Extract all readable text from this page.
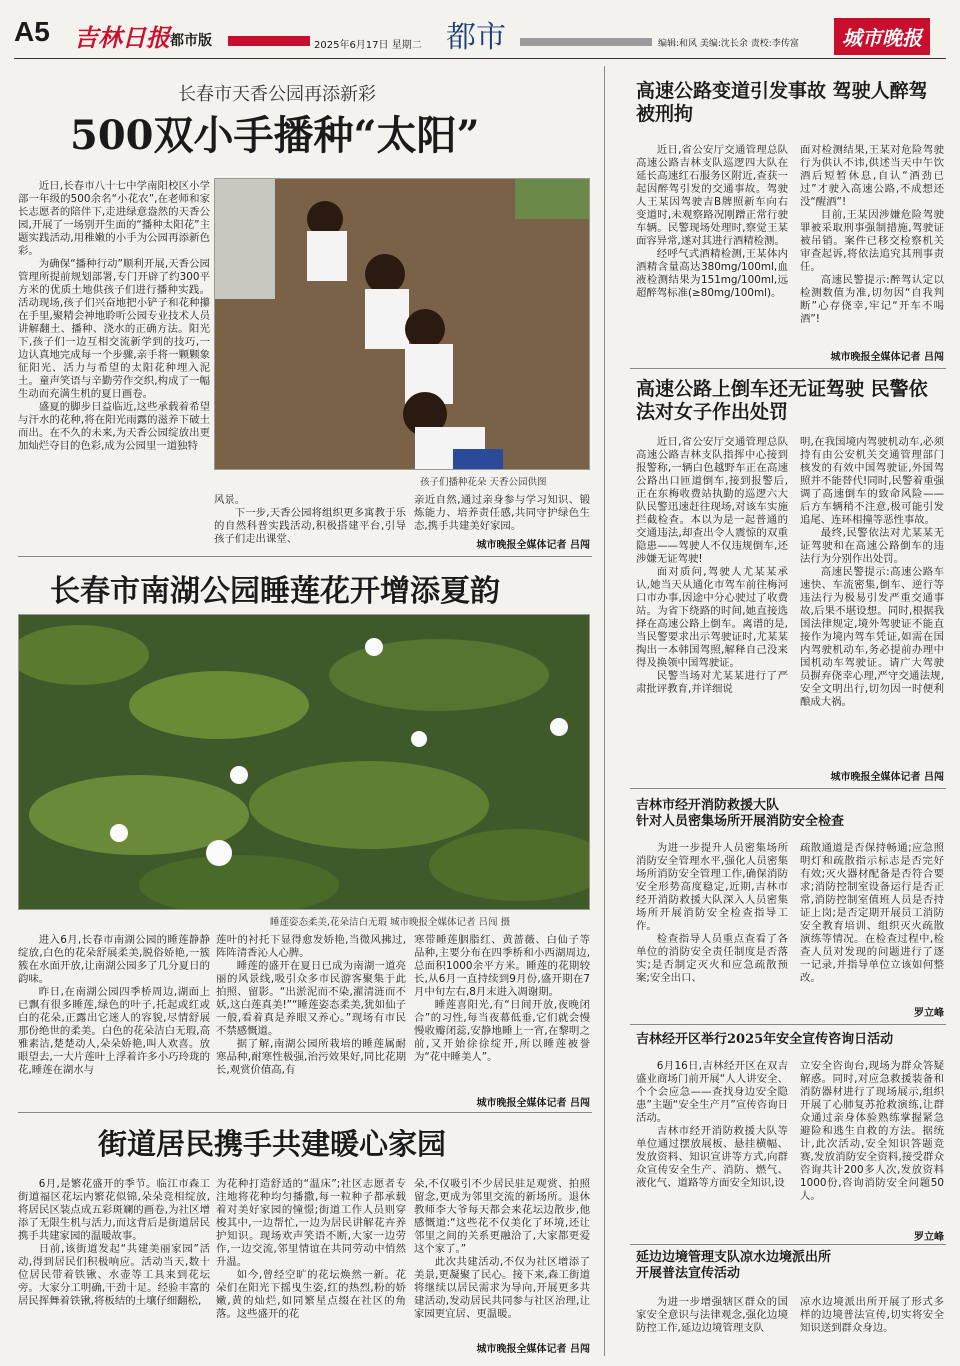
A5 吉林日报 都市版	2025年6月17日 星期二 都市	编辑:和风 美编:沈长余 责校:李传富	城市晚报
长春市天香公园再添新彩
500双小手播种“太阳”

近日,长春市八十七中学南阳校区小学部一年级的500余名“小花农”,在老师和家长志愿者的陪伴下,走进绿意盎然的天香公园,开展了一场别开生面的“播种太阳花”主题实践活动,用稚嫩的小手为公园再添新色彩。

为确保“播种行动”顺利开展,天香公园管理所提前规划部署,专门开辟了约300平方米的优质土地供孩子们进行播种实践。活动现场,孩子们兴奋地把小铲子和花种攥在手里,聚精会神地聆听公园专业技术人员讲解翻土、播种、浇水的正确方法。阳光下,孩子们一边互相交流新学到的技巧,一边认真地完成每一个步骤,亲手将一颗颗象征阳光、活力与希望的太阳花种埋入泥土。童声笑语与辛勤劳作交织,构成了一幅生动而充满生机的夏日画卷。

盛夏的脚步日益临近,这些承载着希望与汗水的花种,将在阳光雨露的滋养下破土而出。在不久的未来,为天香公园绽放出更加灿烂夺目的色彩,成为公园里一道独特

孩子们播种花朵 天香公园供图

风景。

下一步,天香公园将组织更多寓教于乐的自然科普实践活动,积极搭建平台,引导孩子们走出课堂、

亲近自然,通过亲身参与学习知识、锻炼能力、培养责任感,共同守护绿色生态,携手共建美好家园。

城市晚报全媒体记者 吕闯
长春市南湖公园睡莲花开增添夏韵
睡莲姿态柔美,花朵洁白无瑕 城市晚报全媒体记者 吕闯 摄

进入6月,长春市南湖公园的睡莲静静绽放,白色的花朵舒展柔美,脱俗娇艳,一簇簇在水面开放,让南湖公园多了几分夏日的韵味。

昨日,在南湖公园四季桥周边,湖面上已飘有很多睡莲,绿色的叶子,托起或红或白的花朵,正露出它迷人的容貌,尽情舒展那份绝世的柔美。白色的花朵洁白无瑕,高雅素洁,楚楚动人,朵朵娇艳,叫人欢喜。放眼望去,一大片莲叶上浮着许多小巧玲珑的花,睡莲在湖水与

莲叶的衬托下显得愈发娇艳,当微风拂过,阵阵清香沁人心脾。

睡莲的盛开在夏日已成为南湖一道亮丽的风景线,吸引众多市民游客聚集于此拍照、留影。“出淤泥而不染,濯清涟而不妖,这白莲真美!”“睡莲姿态柔美,犹如仙子一般,看着真是养眼又养心。”现场有市民不禁感慨道。

据了解,南湖公园所栽培的睡莲属耐寒品种,耐寒性极强,治污效果好,同比花期长,观赏价值高,有

寒带睡莲胭脂红、黄蔷薇、白仙子等品种,主要分布在四季桥和小西湖周边,总面积1000余平方米。睡莲的花期较长,从6月一直持续到9月份,盛开期在7月中旬左右,8月末进入凋谢期。

睡莲喜阳光,有“日间开放,夜晚闭合”的习性,每当夜幕低垂,它们就会慢慢收瓣闭蕊,安静地睡上一宵,在黎明之前,又开始徐徐绽开,所以睡莲被誉为“花中睡美人”。

城市晚报全媒体记者 吕闯
街道居民携手共建暖心家园

6月,是繁花盛开的季节。临江市森工街道福区花坛内繁花似锦,朵朵竞相绽放,将居民区装点成五彩斑斓的画卷,为社区增添了无限生机与活力,而这背后是街道居民携手共建家园的温暖故事。

日前,该街道发起“共建美丽家园”活动,得到居民们积极响应。活动当天,数十位居民带着铁锹、水壶等工具来到花坛旁。大家分工明确,干劲十足。经验丰富的居民挥舞着铁锹,将板结的土壤仔细翻松,

为花种打造舒适的“温床”;社区志愿者专注地将花种均匀播撒,每一粒种子都承载着对美好家园的憧憬;街道工作人员则穿梭其中,一边帮忙,一边为居民讲解花卉养护知识。现场欢声笑语不断,大家一边劳作,一边交流,邻里情谊在共同劳动中悄然升温。

如今,曾经空旷的花坛焕然一新。花朵们在阳光下摇曳生姿,红的热烈,粉的娇嫩,黄的灿烂,如同繁星点缀在社区的角落。这些盛开的花

朵,不仅吸引不少居民驻足观赏、拍照留念,更成为邻里交流的新场所。退休教师李大爷每天都会来花坛边散步,他感慨道:“这些花不仅美化了环境,还让邻里之间的关系更融洽了,大家都更爱这个家了。”

此次共建活动,不仅为社区增添了美景,更凝聚了民心。接下来,森工街道将继续以居民需求为导向,开展更多共建活动,发动居民共同参与社区治理,让家园更宜居、更温暖。

城市晚报全媒体记者 吕闯
高速公路变道引发事故 驾驶人醉驾被刑拘

近日,省公安厅交通管理总队高速公路吉林支队巡逻四大队在延长高速红石服务区附近,查获一起因醉驾引发的交通事故。驾驶人王某因驾驶吉B牌照新车向右变道时,未观察路况刚蹭正常行驶车辆。民警现场处理时,察觉王某面容异常,遂对其进行酒精检测。

经呼气式酒精检测,王某体内酒精含量高达380mg/100ml,血液检测结果为151mg/100ml,远超醉驾标准(≥80mg/100ml)。

面对检测结果,王某对危险驾驶行为供认不讳,供述当天中午饮酒后短暂休息,自认“酒劲已过”才驶入高速公路,不成想还没“醒酒”!

目前,王某因涉嫌危险驾驶罪被采取刑事强制措施,驾驶证被吊销。案件已移交检察机关审查起诉,将依法追究其刑事责任。

高速民警提示:醉驾认定以检测数值为准,切勿因“自我判断”心存侥幸,牢记“开车不喝酒”!

城市晚报全媒体记者 吕闯
高速公路上倒车还无证驾驶 民警依法对女子作出处罚

近日,省公安厅交通管理总队高速公路吉林支队指挥中心接到报警称,一辆白色越野车正在高速公路出口匝道倒车,接到报警后,正在东梅收费站执勤的巡逻六大队民警迅速赶往现场,对该车实施拦截检查。本以为是一起普通的交通违法,却查出令人震惊的双重隐患——驾驶人不仅违规倒车,还涉嫌无证驾驶!

面对质问,驾驶人尤某某承认,她当天从通化市驾车前往梅河口市办事,因途中分心驶过了收费站。为省下绕路的时间,她直接选择在高速公路上倒车。离谱的是,当民警要求出示驾驶证时,尤某某掏出一本韩国驾照,解释自己没来得及换领中国驾驶证。

民警当场对尤某某进行了严肃批评教育,并详细说

明,在我国境内驾驶机动车,必须持有由公安机关交通管理部门核发的有效中国驾驶证,外国驾照并不能替代!同时,民警着重强调了高速倒车的致命风险——后方车辆稍不注意,极可能引发追尾、连环相撞等恶性事故。

最终,民警依法对尤某某无证驾驶和在高速公路倒车的违法行为分别作出处罚。

高速民警提示:高速公路车速快、车流密集,倒车、逆行等违法行为极易引发严重交通事故,后果不堪设想。同时,根据我国法律规定,境外驾驶证不能直接作为境内驾车凭证,如需在国内驾驶机动车,务必提前办理中国机动车驾驶证。请广大驾驶员摒弃侥幸心理,严守交通法规,安全文明出行,切勿因一时便利酿成大祸。

城市晚报全媒体记者 吕闯
吉林市经开消防救援大队
针对人员密集场所开展消防安全检查

为进一步提升人员密集场所消防安全管理水平,强化人员密集场所消防安全管理工作,确保消防安全形势高度稳定,近期,吉林市经开消防救援大队深入人员密集场所开展消防安全检查指导工作。

检查指导人员重点查看了各单位的消防安全责任制度是否落实;是否制定灭火和应急疏散预案;安全出口、

疏散通道是否保持畅通;应急照明灯和疏散指示标志是否完好有效;灭火器材配备是否符合要求;消防控制室设备运行是否正常,消防控制室值班人员是否持证上岗;是否定期开展员工消防安全教育培训、组织灭火疏散演练等情况。在检查过程中,检查人员对发现的问题进行了逐一记录,并指导单位立该如何整改。

罗立峰
吉林经开区举行2025年安全宣传咨询日活动

6月16日,吉林经开区在双吉盛业商场门前开展“人人讲安全、个个会应急——查找身边安全隐患”主题“安全生产月”宣传咨询日活动。

吉林市经开消防救援大队等单位通过摆放展板、悬挂横幅、发放资料、知识宣讲等方式,向群众宣传安全生产、消防、燃气、液化气、道路等方面安全知识,设

立安全咨询台,现场为群众答疑解惑。同时,对应急救援装备和消防器材进行了现场展示,组织开展了心肺复苏抢救演练,让群众通过亲身体验熟练掌握紧急避险和逃生自救的方法。据统计,此次活动,安全知识答题竞赛,发放消防安全资料,接受群众咨询共计200多人次,发放资料1000份,咨询消防安全问题50人。

罗立峰
延边边境管理支队凉水边境派出所
开展普法宣传活动

为进一步增强辖区群众的国家安全意识与法律观念,强化边境防控工作,延边边境管理支队

凉水边境派出所开展了形式多样的边境普法宣传,切实将安全知识送到群众身边。
